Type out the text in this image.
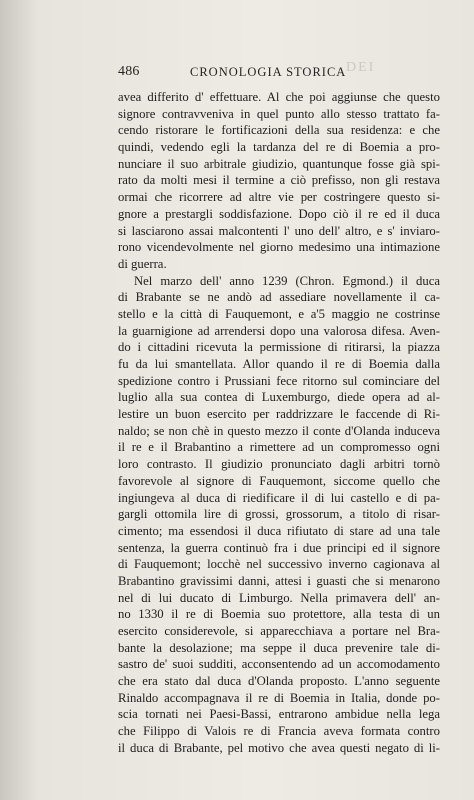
DEI
486	CRONOLOGIA STORICA
avea differito d' effettuare. Al che poi aggiunse che questo
signore contravveniva in quel punto allo stesso trattato fa-
cendo ristorare le fortificazioni della sua residenza: e che
quindi, vedendo egli la tardanza del re di Boemia a pro-
nunciare il suo arbitrale giudizio, quantunque fosse già spi-
rato da molti mesi il termine a ciò prefisso, non gli restava
ormai che ricorrere ad altre vie per costringere questo si-
gnore a prestargli soddisfazione. Dopo ciò il re ed il duca
si lasciarono assai malcontenti l' uno dell' altro, e s' inviaro-
rono vicendevolmente nel giorno medesimo una intimazione
di guerra.
Nel marzo dell' anno 1239 (Chron. Egmond.) il duca
di Brabante se ne andò ad assediare novellamente il ca-
stello e la città di Fauquemont, e a'5 maggio ne costrinse
la guarnigione ad arrendersi dopo una valorosa difesa. Aven-
do i cittadini ricevuta la permissione di ritirarsi, la piazza
fu da lui smantellata. Allor quando il re di Boemia dalla
spedizione contro i Prussiani fece ritorno sul cominciare del
luglio alla sua contea di Luxemburgo, diede opera ad al-
lestire un buon esercito per raddrizzare le faccende di Ri-
naldo; se non chè in questo mezzo il conte d'Olanda induceva
il re e il Brabantino a rimettere ad un compromesso ogni
loro contrasto. Il giudizio pronunciato dagli arbitri tornò
favorevole al signore di Fauquemont, siccome quello che
ingiungeva al duca di riedificare il di lui castello e di pa-
gargli ottomila lire di grossi, grossorum, a titolo di risar-
cimento; ma essendosi il duca rifiutato di stare ad una tale
sentenza, la guerra continuò fra i due principi ed il signore
di Fauquemont; locchè nel successivo inverno cagionava al
Brabantino gravissimi danni, attesi i guasti che si menarono
nel di lui ducato di Limburgo. Nella primavera dell' an-
no 1330 il re di Boemia suo protettore, alla testa di un
esercito considerevole, si apparecchiava a portare nel Bra-
bante la desolazione; ma seppe il duca prevenire tale di-
sastro de' suoi sudditi, acconsentendo ad un accomodamento
che era stato dal duca d'Olanda proposto. L'anno seguente
Rinaldo accompagnava il re di Boemia in Italia, donde po-
scia tornati nei Paesi-Bassi, entrarono ambidue nella lega
che Filippo di Valois re di Francia aveva formata contro
il duca di Brabante, pel motivo che avea questi negato di li-
